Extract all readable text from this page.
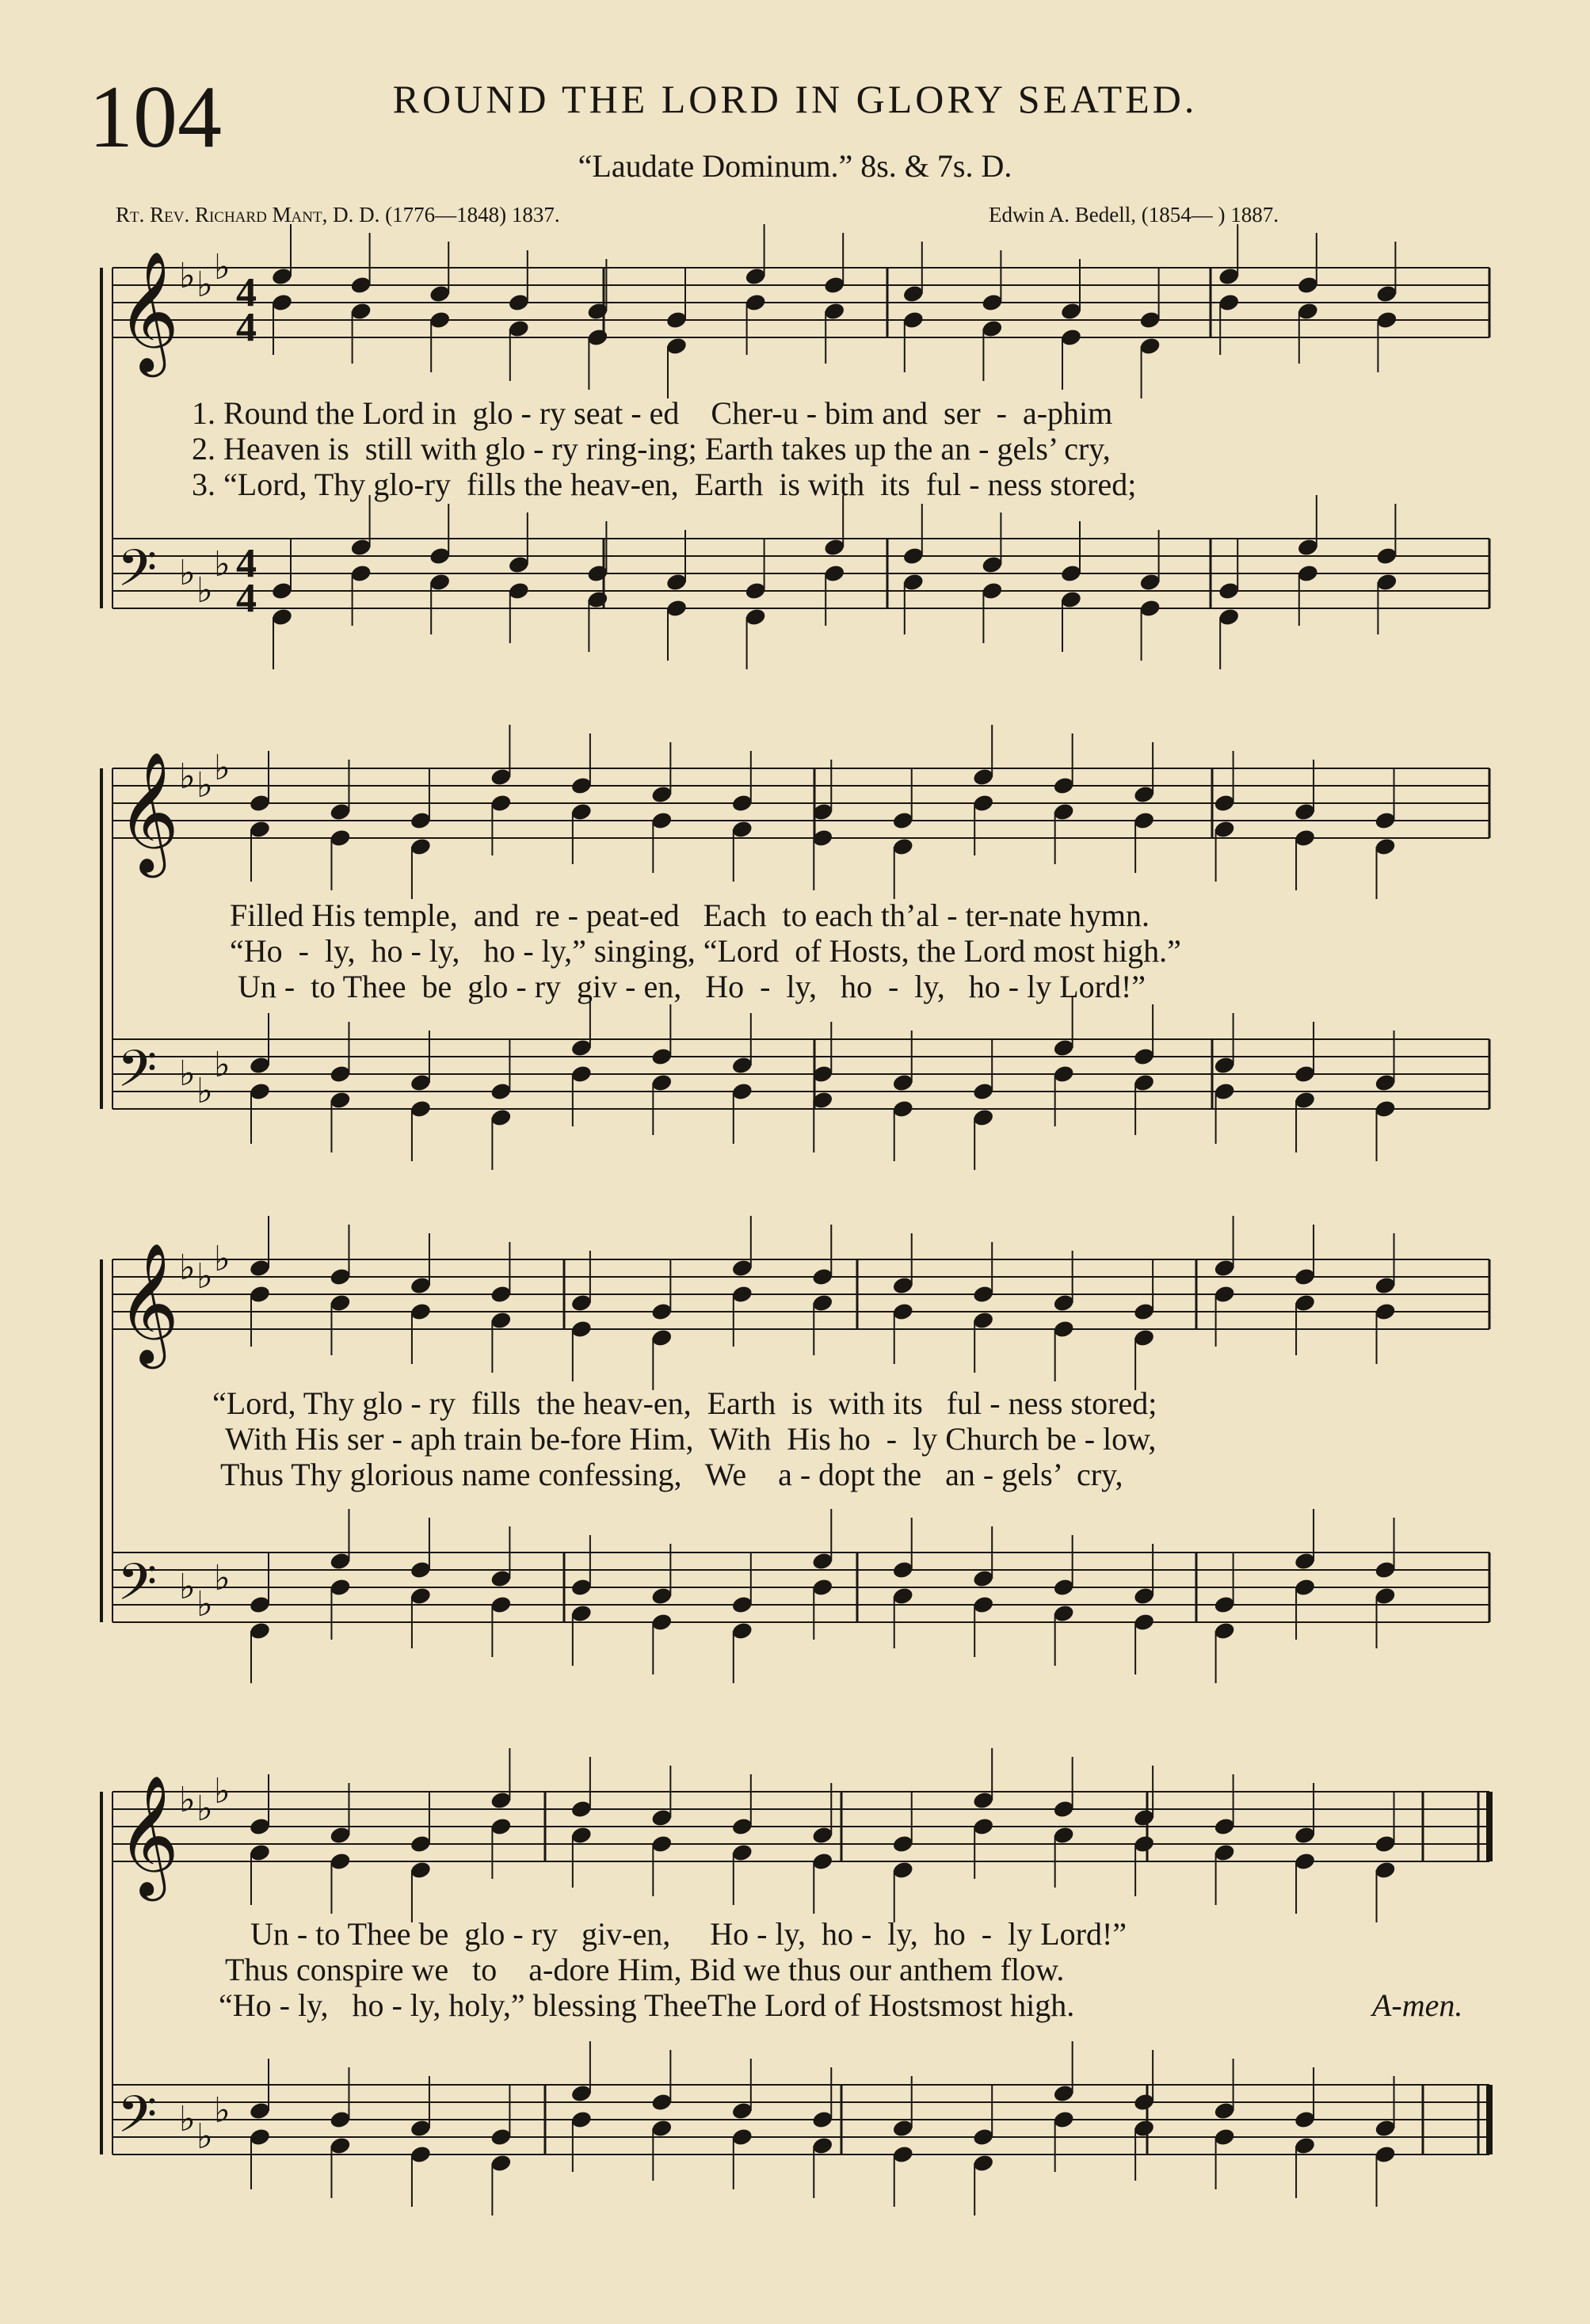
104	ROUND THE LORD IN GLORY SEATED.
“Laudate Dominum.” 8s. & 7s. D.
Rt. Rev. Richard Mant, D. D. (1776—1848) 1837.	Edwin A. Bedell, (1854— ) 1887.
𝄞 ♭ ♭ ♭
4
4
𝄢 ♭ ♭
♭ 4
4
𝄞 ♭ ♭ ♭
𝄢 ♭ ♭
♭
𝄞 ♭ ♭ ♭
𝄢 ♭ ♭
♭
𝄞 ♭ ♭ ♭
𝄢 ♭ ♭
♭
1. Round the Lord in  glo - ry seat - ed    Cher-u - bim and  ser  -  a-phim
2. Heaven is  still with glo - ry ring-ing; Earth takes up the an - gels’ cry,
3. “Lord, Thy glo-ry  fills the heav-en,  Earth  is with  its  ful - ness stored;
Filled His temple,  and  re - peat-ed   Each  to each th’al - ter-nate hymn.
“Ho  -  ly,  ho - ly,   ho - ly,” singing, “Lord  of Hosts, the Lord most high.”
Un -  to Thee  be  glo - ry  giv - en,   Ho  -  ly,   ho  -  ly,   ho - ly Lord!”
“Lord, Thy glo - ry  fills  the heav-en,  Earth  is  with its   ful - ness stored;
With His ser - aph train be-fore Him,  With  His ho  -  ly Church be - low,
Thus Thy glorious name confessing,   We    a - dopt the   an - gels’  cry,
Un - to Thee be  glo - ry   giv-en,     Ho - ly,  ho -  ly,  ho  -  ly Lord!”
Thus conspire we   to    a-dore Him, Bid we thus our anthem flow.
“Ho - ly,   ho - ly, holy,” blessing TheeThe Lord of Hostsmost high.	A-men.
